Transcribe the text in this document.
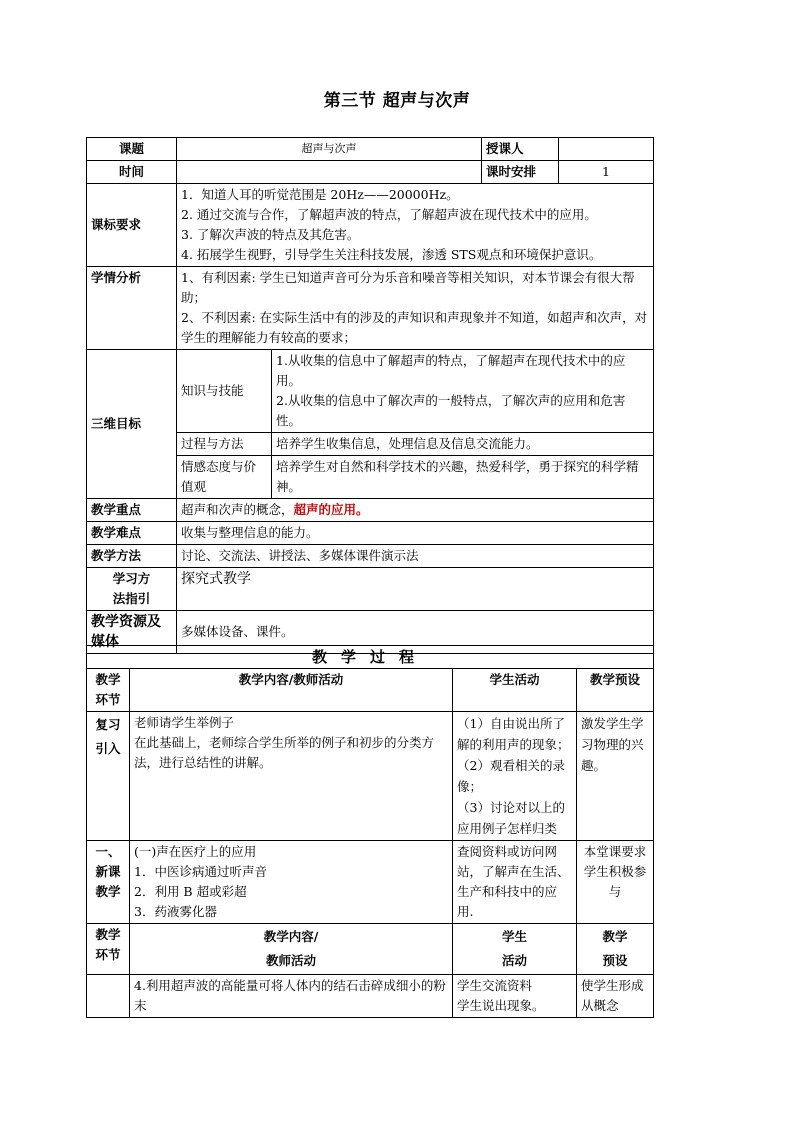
第三节 超声与次声
课题	超声与次声		授课人	
时间			课时安排	1
课标要求	1．知道人耳的听觉范围是 20Hz——20000Hz。
2. 通过交流与合作，了解超声波的特点，了解超声波在现代技术中的应用。
3. 了解次声波的特点及其危害。
4. 拓展学生视野，引导学生关注科技发展，渗透 STS观点和环境保护意识。			

学情分析	1、有利因素: 学生已知道声音可分为乐音和噪音等相关知识，对本节课会有很大帮助；
2、不利因素: 在实际生活中有的涉及的声知识和声现象并不知道，如超声和次声，对学生的理解能力有较高的要求；			

三维目标	知识与技能	1.从收集的信息中了解超声的特点，了解超声在现代技术中的应用。
2.从收集的信息中了解次声的一般特点，了解次声的应用和危害性。		

	过程与方法	培养学生收集信息，处理信息及信息交流能力。		

	情感态度与价值观	培养学生对自然和科学技术的兴趣，热爱科学，勇于探究的科学精神。		

教学重点	超声和次声的概念，超声的应用。			
教学难点	收集与整理信息的能力。			
教学方法	讨论、交流法、讲授法、多媒体课件演示法			

学习方
法指引	探究式教学			
教学资源及媒体	多媒体设备、课件。			
教学过程			

教学
环节	教学内容/教师活动	学生活动	教学预设

复习
引入	老师请学生举例子
在此基础上，老师综合学生所举的例子和初步的分类方法，进行总结性的讲解。	（1）自由说出所了解的利用声的现象；
（2）观看相关的录像；
（3）讨论对以上的应用例子怎样归类	激发学生学习物理的兴趣。

一、
新课
教学	(一)声在医疗上的应用
1．中医诊病通过听声音
2．利用 B 超或彩超
3．药液雾化器	查阅资料或访问网站，了解声在生活、生产和科技中的应用.	本堂课要求学生积极参与

教学
环节	教学内容/
教师活动	学生
活动	教学
预设

	4.利用超声波的高能量可将人体内的结石击碎成细小的粉末	学生交流资料
学生说出现象。	使学生形成从概念
